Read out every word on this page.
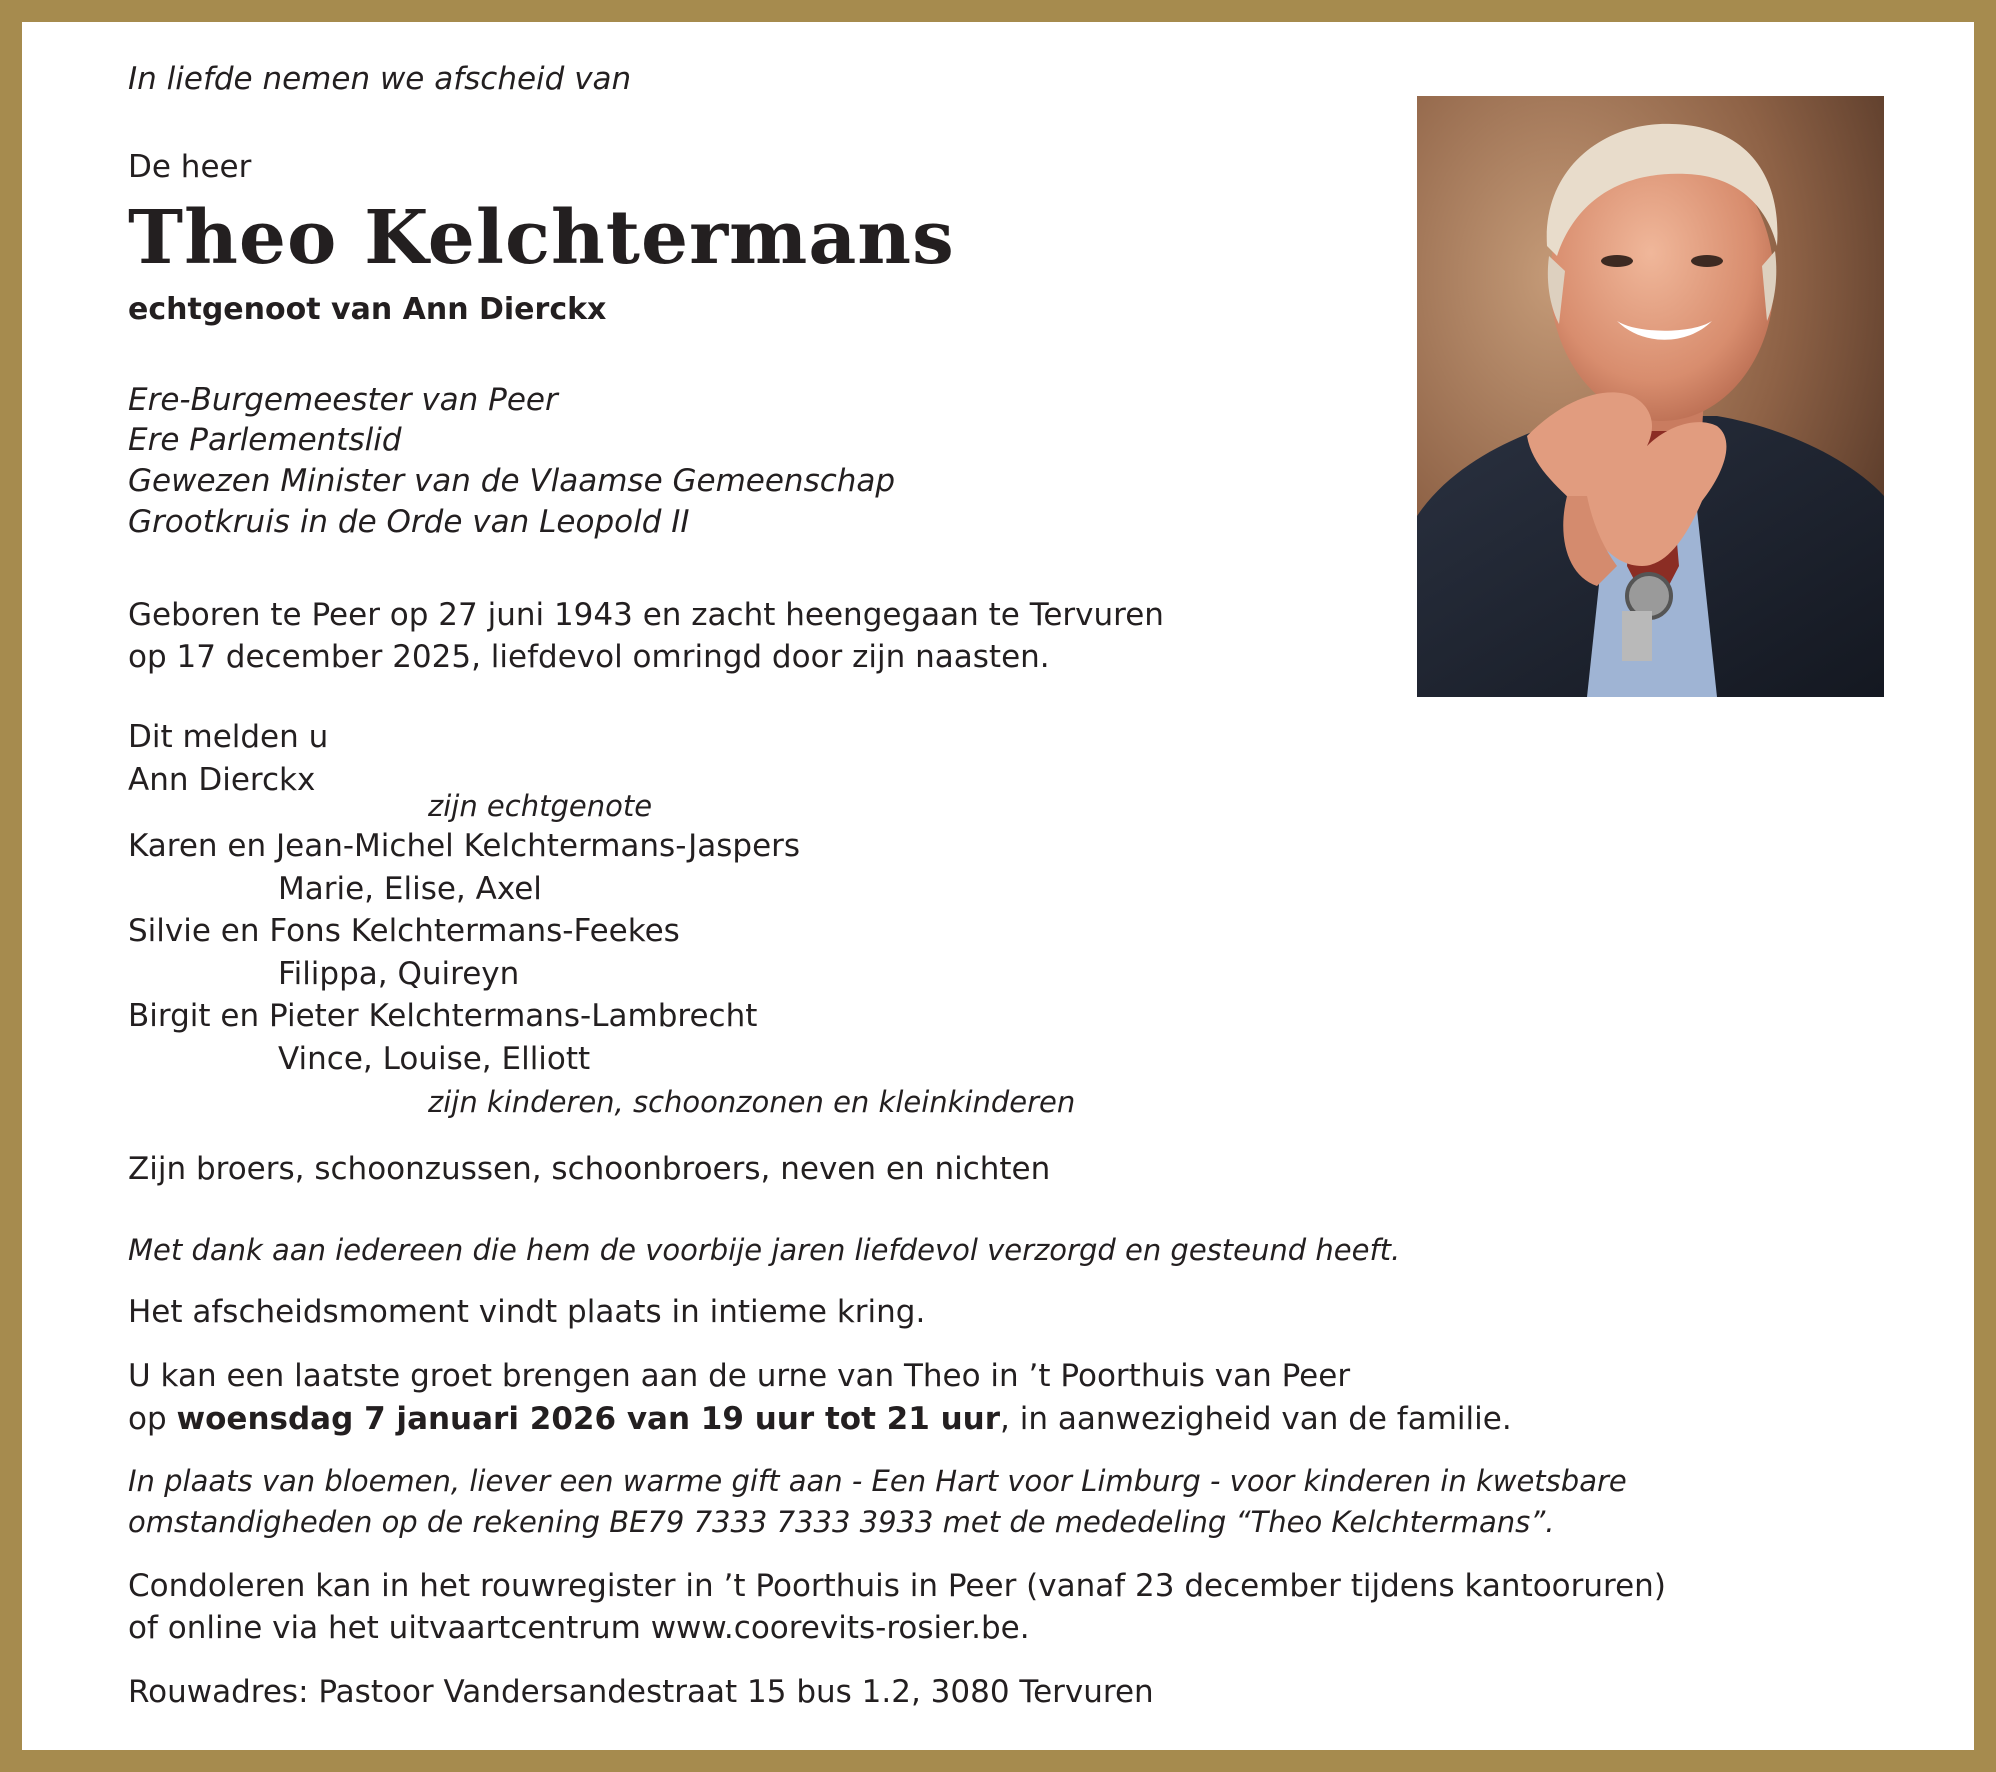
In liefde nemen we afscheid van
De heer
Theo Kelchtermans
echtgenoot van Ann Dierckx
Ere-Burgemeester van Peer
Ere Parlementslid
Gewezen Minister van de Vlaamse Gemeenschap
Grootkruis in de Orde van Leopold II
Geboren te Peer op 27 juni 1943 en zacht heengegaan te Tervuren
op 17 december 2025, liefdevol omringd door zijn naasten.
Dit melden u
Ann Dierckx
zijn echtgenote
Karen en Jean-Michel Kelchtermans-Jaspers
Marie, Elise, Axel
Silvie en Fons Kelchtermans-Feekes
Filippa, Quireyn
Birgit en Pieter Kelchtermans-Lambrecht
Vince, Louise, Elliott
zijn kinderen, schoonzonen en kleinkinderen
Zijn broers, schoonzussen, schoonbroers, neven en nichten
Met dank aan iedereen die hem de voorbije jaren liefdevol verzorgd en gesteund heeft.
Het afscheidsmoment vindt plaats in intieme kring.
U kan een laatste groet brengen aan de urne van Theo in ’t Poorthuis van Peer
op woensdag 7 januari 2026 van 19 uur tot 21 uur, in aanwezigheid van de familie.
In plaats van bloemen, liever een warme gift aan - Een Hart voor Limburg - voor kinderen in kwetsbare
omstandigheden op de rekening BE79 7333 7333 3933 met de mededeling “Theo Kelchtermans”.
Condoleren kan in het rouwregister in ’t Poorthuis in Peer (vanaf 23 december tijdens kantooruren)
of online via het uitvaartcentrum www.coorevits-rosier.be.
Rouwadres: Pastoor Vandersandestraat 15 bus 1.2, 3080 Tervuren
